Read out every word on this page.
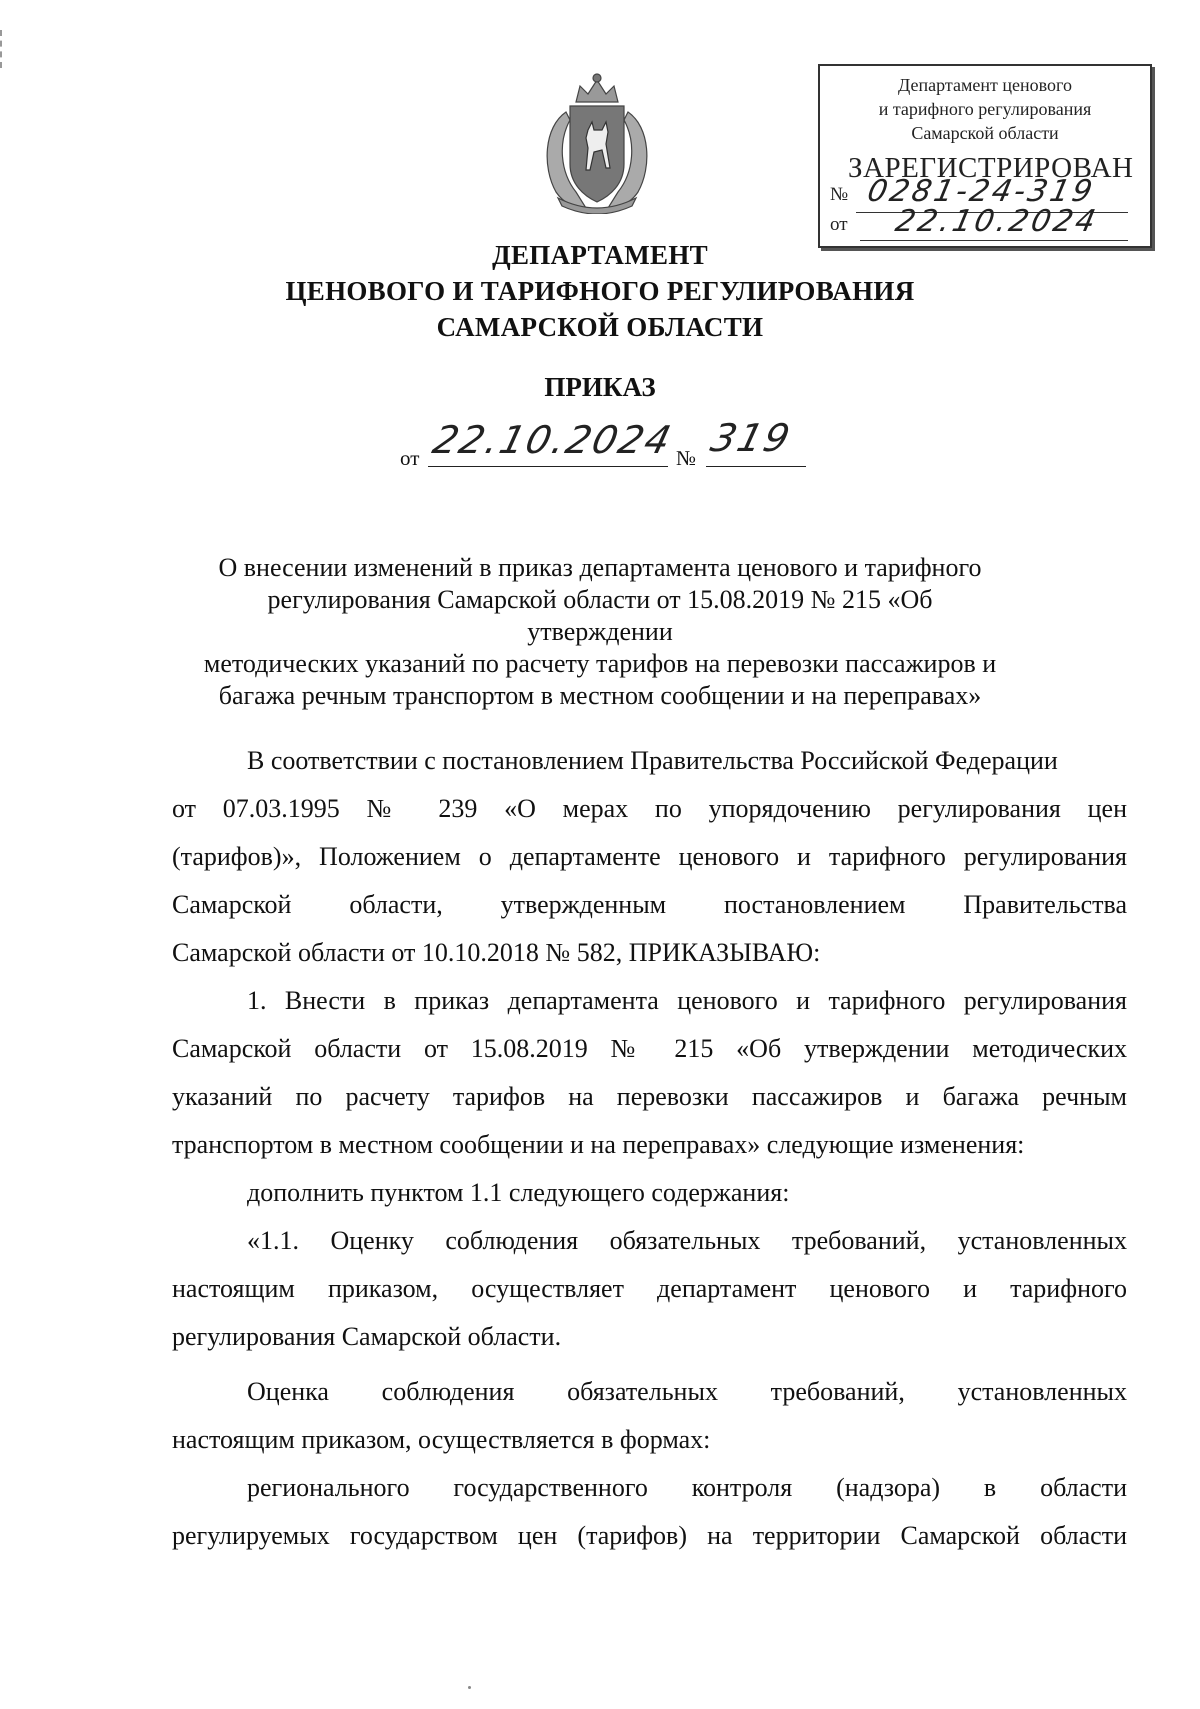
Департамент ценового
и тарифного регулирования
Самарской области
ЗАРЕГИСТРИРОВАН
№ 0281-24-319
от 22.10.2024
ДЕПАРТАМЕНТ
ЦЕНОВОГО И ТАРИФНОГО РЕГУЛИРОВАНИЯ
САМАРСКОЙ ОБЛАСТИ
ПРИКАЗ
от 22.10.2024
№ 319
О внесении изменений в приказ департамента ценового и тарифного
регулирования Самарской области от 15.08.2019 № 215 «Об утверждении
методических указаний по расчету тарифов на перевозки пассажиров и
багажа речным транспортом в местном сообщении и на переправах»
В соответствии с постановлением Правительства Российской Федерации
от 07.03.1995 № 239 «О мерах по упорядочению регулирования цен
(тарифов)», Положением о департаменте ценового и тарифного регулирования
Самарской области, утвержденным постановлением Правительства
Самарской области от 10.10.2018 № 582, ПРИКАЗЫВАЮ:
1. Внести в приказ департамента ценового и тарифного регулирования
Самарской области от 15.08.2019 № 215 «Об утверждении методических
указаний по расчету тарифов на перевозки пассажиров и багажа речным
транспортом в местном сообщении и на переправах» следующие изменения:
дополнить пунктом 1.1 следующего содержания:
«1.1. Оценку соблюдения обязательных требований, установленных
настоящим приказом, осуществляет департамент ценового и тарифного
регулирования Самарской области.
Оценка соблюдения обязательных требований, установленных
настоящим приказом, осуществляется в формах:
регионального государственного контроля (надзора) в области
регулируемых государством цен (тарифов) на территории Самарской области
